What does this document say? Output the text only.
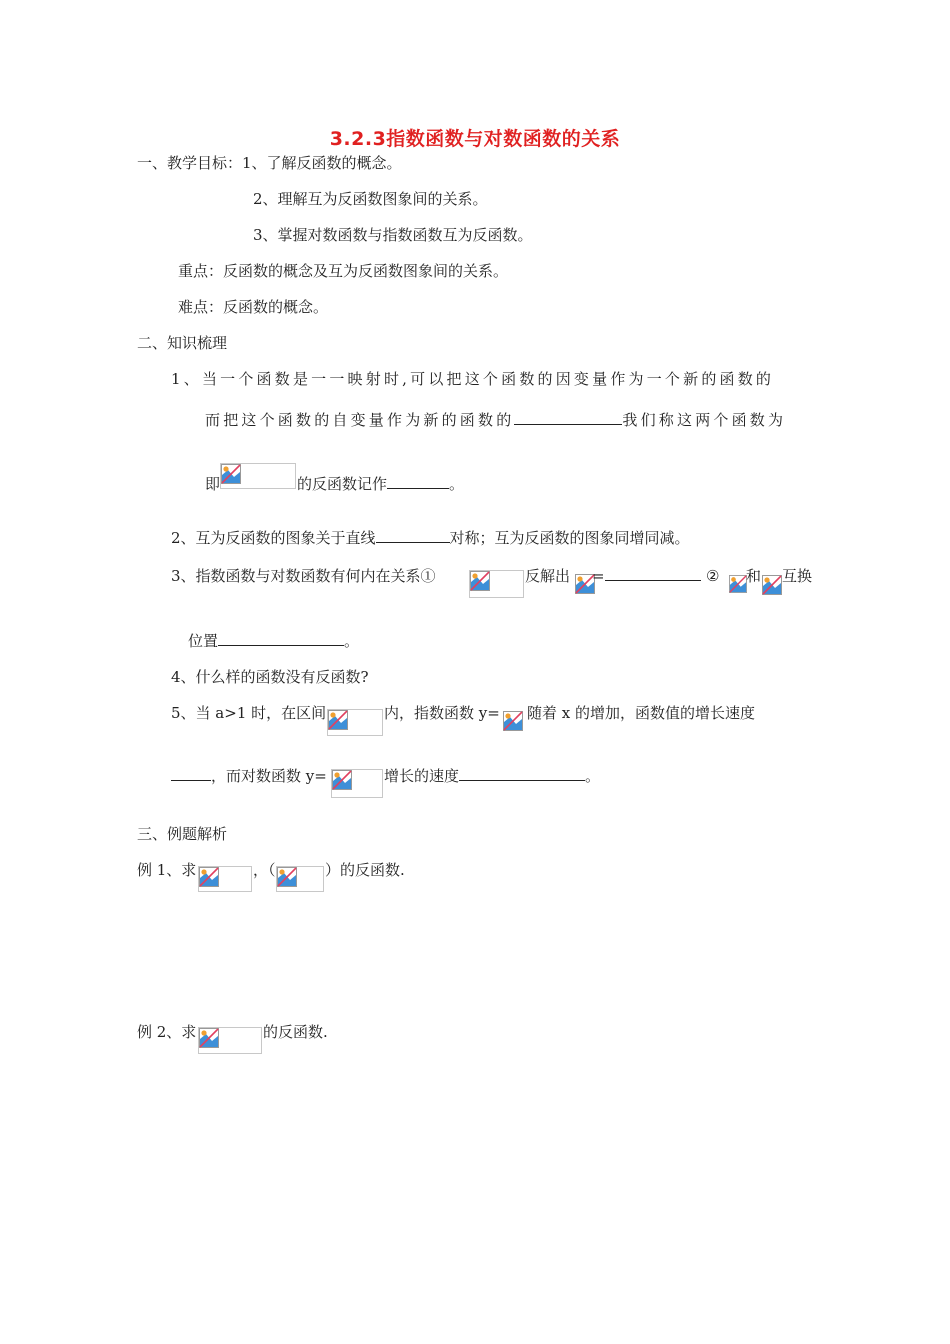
3.2.3指数函数与对数函数的关系
一、教学目标：1、了解反函数的概念。
2、理解互为反函数图象间的关系。
3、掌握对数函数与指数函数互为反函数。
重点：反函数的概念及互为反函数图象间的关系。
难点：反函数的概念。
二、知识梳理
1、当一个函数是一一映射时,可以把这个函数的因变量作为一个新的函数的
而把这个函数的自变量作为新的函数的	我们称这两个函数为
即	的反函数记作	。
2、互为反函数的图象关于直线	对称；互为反函数的图象同增同减。
3、指数函数与对数函数有何内在关系①	反解出 =	② 和 互换
位置	。
4、什么样的函数没有反函数?
5、当 a>1 时，在区间	内，指数函数 y= 随着 x 的增加，函数值的增长速度
，而对数函数 y=	增长的速度	。
三、例题解析
例 1、求	，（	）的反函数.
例 2、求	的反函数.
